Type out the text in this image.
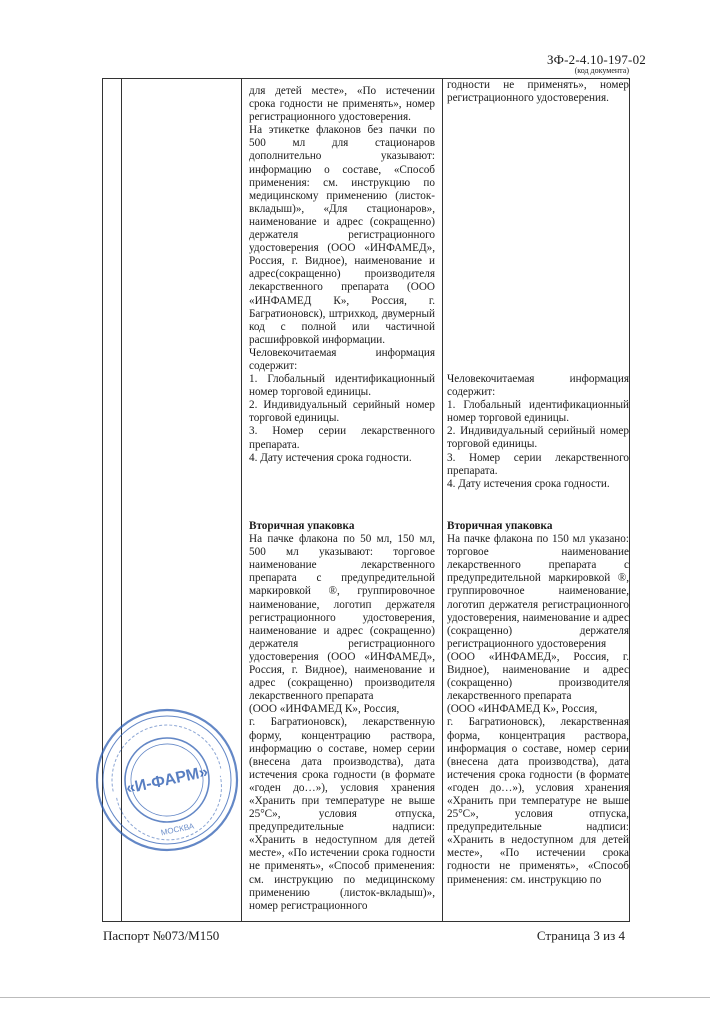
ЗФ-2-4.10-197-02
(код документа)

для детей месте», «По истечении срока годности не применять», номер регистрационного удостоверения.

На этикетке флаконов без пачки по 500 мл для стационаров дополнительно указывают: информацию о составе, «Способ применения: см. инструкцию по медицинскому применению (листок-вкладыш)», «Для стационаров», наименование и адрес (сокращенно) держателя регистрационного удостоверения (ООО «ИНФАМЕД», Россия, г. Видное), наименование и адрес(сокращенно) производителя лекарственного препарата (ООО «ИНФАМЕД К», Россия, г. Багратионовск), штрихкод, двумерный код с полной или частичной расшифровкой информации.

Человекочитаемая информация содержит:

1. Глобальный идентификационный номер торговой единицы.

2. Индивидуальный серийный номер торговой единицы.

3. Номер серии лекарственного препарата.

4. Дату истечения срока годности.

Вторичная упаковка

На пачке флакона по 50 мл, 150 мл, 500 мл указывают: торговое наименование лекарственного препарата с предупредительной маркировкой ®, группировочное наименование, логотип держателя регистрационного удостоверения, наименование и адрес (сокращенно) держателя регистрационного удостоверения (ООО «ИНФАМЕД», Россия, г. Видное), наименование и адрес (сокращенно) производителя лекарственного препарата

(ООО «ИНФАМЕД К», Россия,

г. Багратионовск), лекарственную форму, концентрацию раствора, информацию о составе, номер серии (внесена дата производства), дата истечения срока годности (в формате «годен до…»), условия хранения «Хранить при температуре не выше 25°С», условия отпуска, предупредительные надписи: «Хранить в недоступном для детей месте», «По истечении срока годности не применять», «Способ применения: см. инструкцию по медицинскому применению (листок-вкладыш)», номер регистрационного

годности не применять», номер регистрационного удостоверения.

Человекочитаемая информация содержит:

1. Глобальный идентификационный номер торговой единицы.

2. Индивидуальный серийный номер торговой единицы.

3. Номер серии лекарственного препарата.

4. Дату истечения срока годности.

Вторичная упаковка

На пачке флакона по 150 мл указано: торговое наименование лекарственного препарата с предупредительной маркировкой ®, группировочное наименование, логотип держателя регистрационного удостоверения, наименование и адрес (сокращенно) держателя регистрационного удостоверения

(ООО «ИНФАМЕД», Россия, г. Видное), наименование и адрес (сокращенно) производителя лекарственного препарата

(ООО «ИНФАМЕД К», Россия,

г. Багратионовск), лекарственная форма, концентрация раствора, информация о составе, номер серии (внесена дата производства), дата истечения срока годности (в формате «годен до…»), условия хранения «Хранить при температуре не выше 25°С», условия отпуска, предупредительные надписи: «Хранить в недоступном для детей месте», «По истечении срока годности не применять», «Способ применения: см. инструкцию по

«И-ФАРМ»
МОСКВА
Паспорт №073/М150	Страница 3 из 4
